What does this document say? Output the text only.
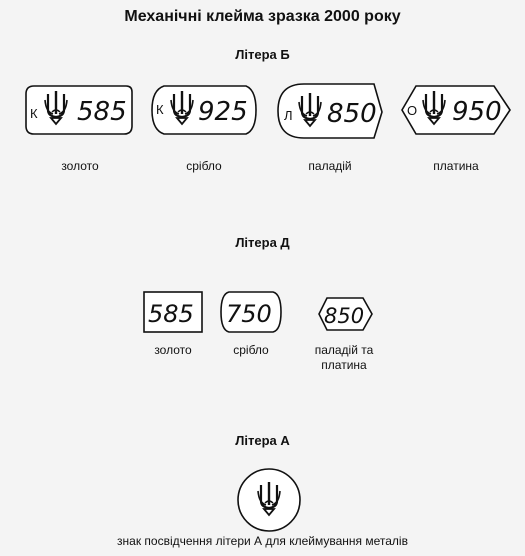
Механічні клейма зразка 2000 року
Літера Б
К 585
золото
К 925
срібло
Л 850
паладій
О 950
платина
Літера Д
585
золото
750
срібло
850
паладій та платина
Літера А
знак посвідчення літери А для клеймування металів
